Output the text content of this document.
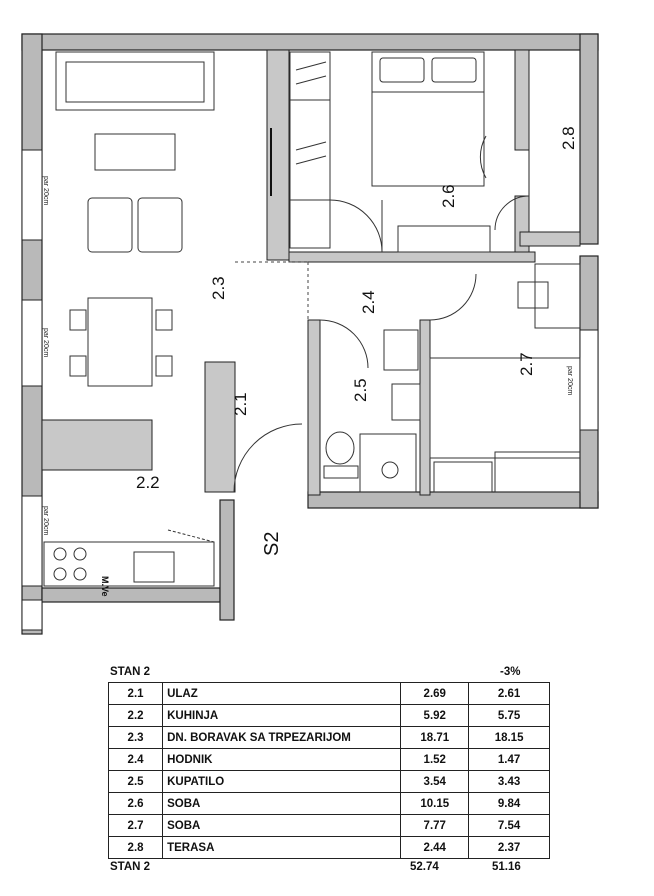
M.Ve
par 20cm
par 20cm
par 20cm
par 20cm
2.1
2.2
2.3
2.4
2.5
2.6
2.7
2.8
S2
STAN 2	-3%
2.1	ULAZ	2.69	2.61
2.2	KUHINJA	5.92	5.75
2.3	DN. BORAVAK SA TRPEZARIJOM	18.71	18.15
2.4	HODNIK	1.52	1.47
2.5	KUPATILO	3.54	3.43
2.6	SOBA	10.15	9.84
2.7	SOBA	7.77	7.54
2.8	TERASA	2.44	2.37
STAN 2	52.74	51.16
